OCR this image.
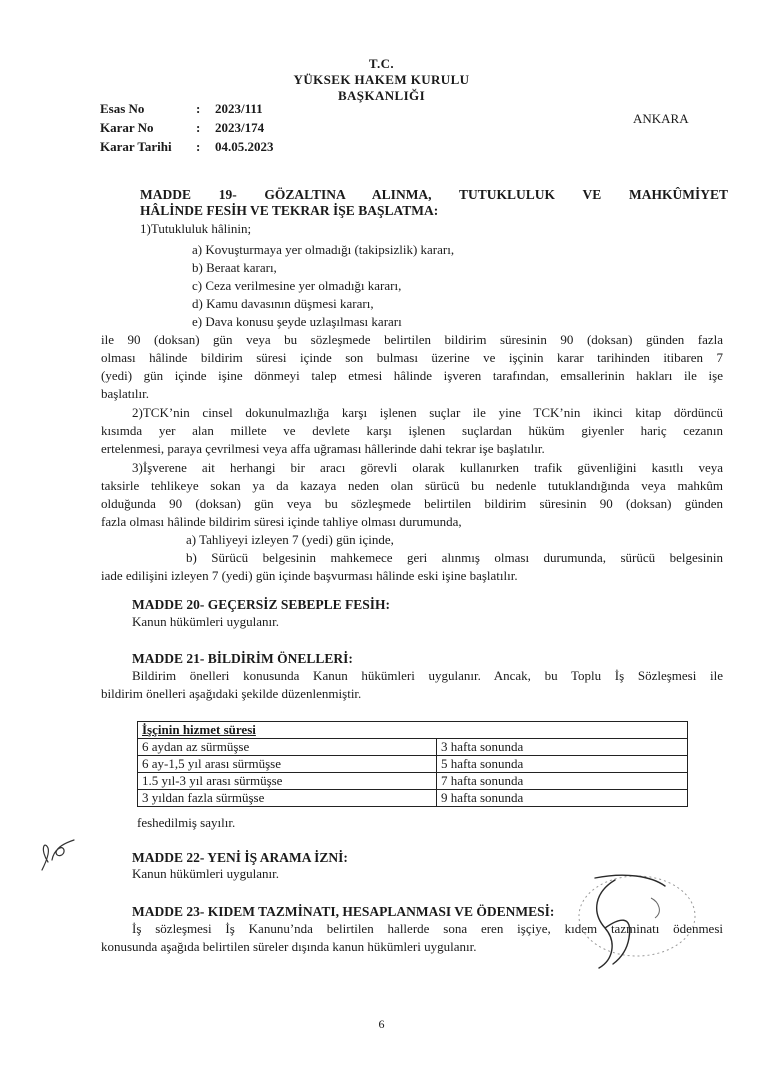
T.C.
YÜKSEK HAKEM KURULU
BAŞKANLIĞI
Esas No	: 2023/111
Karar No	: 2023/174
Karar Tarihi : 04.05.2023
ANKARA
MADDE 19- GÖZALTINA ALINMA, TUTUKLULUK VE MAHKÛMİYET
HÂLİNDE FESİH VE TEKRAR İŞE BAŞLATMA:
1)Tutukluluk hâlinin;
a) Kovuşturmaya yer olmadığı (takipsizlik) kararı,
b) Beraat kararı,
c) Ceza verilmesine yer olmadığı kararı,
d) Kamu davasının düşmesi kararı,
e) Dava konusu şeyde uzlaşılması kararı
ile 90 (doksan) gün veya bu sözleşmede belirtilen bildirim süresinin 90 (doksan) günden fazla
olması hâlinde bildirim süresi içinde son bulması üzerine ve işçinin karar tarihinden itibaren 7
(yedi) gün içinde işine dönmeyi talep etmesi hâlinde işveren tarafından, emsallerinin hakları ile işe
başlatılır.
2)TCK’nin cinsel dokunulmazlığa karşı işlenen suçlar ile yine TCK’nin ikinci kitap dördüncü
kısımda yer alan millete ve devlete karşı işlenen suçlardan hüküm giyenler hariç cezanın
ertelenmesi, paraya çevrilmesi veya affa uğraması hâllerinde dahi tekrar işe başlatılır.
3)İşverene ait herhangi bir aracı görevli olarak kullanırken trafik güvenliğini kasıtlı veya
taksirle tehlikeye sokan ya da kazaya neden olan sürücü bu nedenle tutuklandığında veya mahkûm
olduğunda 90 (doksan) gün veya bu sözleşmede belirtilen bildirim süresinin 90 (doksan) günden
fazla olması hâlinde bildirim süresi içinde tahliye olması durumunda,
a) Tahliyeyi izleyen 7 (yedi) gün içinde,
b) Sürücü belgesinin mahkemece geri alınmış olması durumunda, sürücü belgesinin
iade edilişini izleyen 7 (yedi) gün içinde başvurması hâlinde eski işine başlatılır.
MADDE 20- GEÇERSİZ SEBEPLE FESİH:
Kanun hükümleri uygulanır.
MADDE 21- BİLDİRİM ÖNELLERİ:
Bildirim önelleri konusunda Kanun hükümleri uygulanır. Ancak, bu Toplu İş Sözleşmesi ile
bildirim önelleri aşağıdaki şekilde düzenlenmiştir.
İşçinin hizmet süresi	
6 aydan az sürmüşse	3 hafta sonunda
6 ay-1,5 yıl arası sürmüşse	5 hafta sonunda
1.5 yıl-3 yıl arası sürmüşse	7 hafta sonunda
3 yıldan fazla sürmüşse	9 hafta sonunda
feshedilmiş sayılır.
MADDE 22- YENİ İŞ ARAMA İZNİ:
Kanun hükümleri uygulanır.
MADDE 23- KIDEM TAZMİNATI, HESAPLANMASI VE ÖDENMESİ:
İş sözleşmesi İş Kanunu’nda belirtilen hallerde sona eren işçiye, kıdem tazminatı ödenmesi
konusunda aşağıda belirtilen süreler dışında kanun hükümleri uygulanır.
6
